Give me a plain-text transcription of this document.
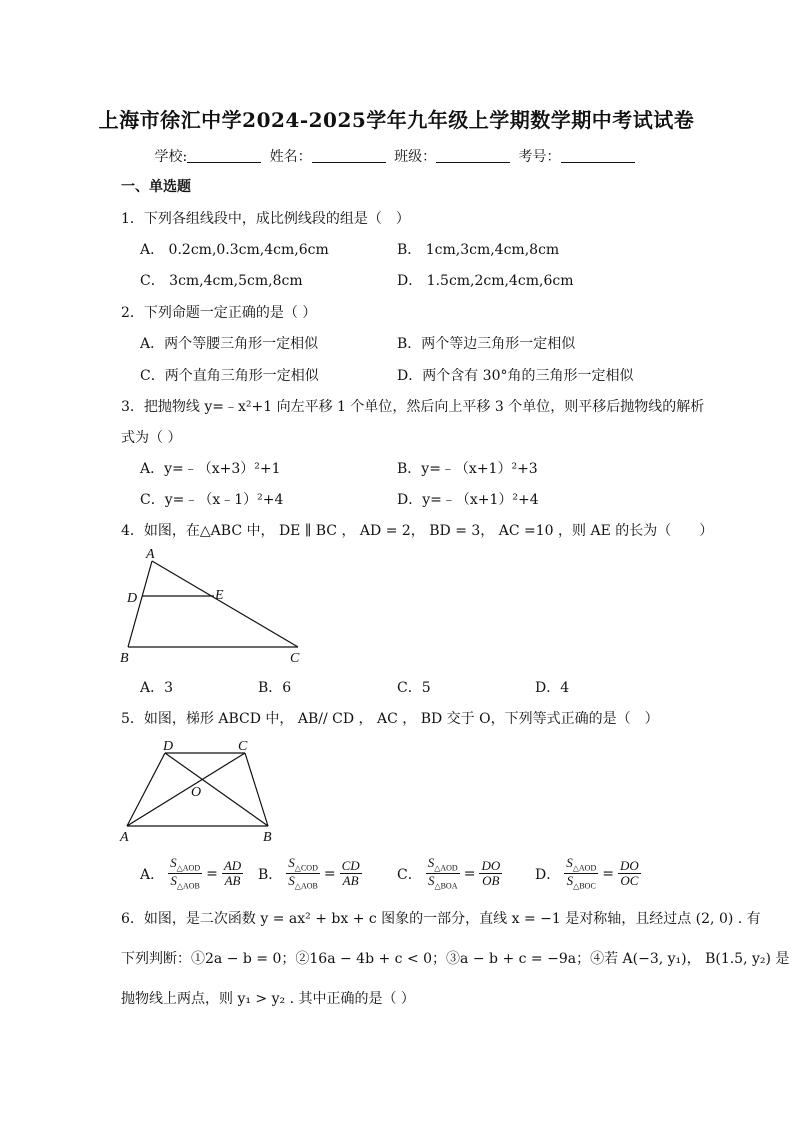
上海市徐汇中学2024-2025学年九年级上学期数学期中考试试卷
学校:	姓名：	班级：	考号：
一、单选题
1．下列各组线段中，成比例线段的组是（　）
A． 0.2cm,0.3cm,4cm,6cm	B． 1cm,3cm,4cm,8cm
C． 3cm,4cm,5cm,8cm	D． 1.5cm,2cm,4cm,6cm
2．下列命题一定正确的是（ ）
A．两个等腰三角形一定相似	B．两个等边三角形一定相似
C．两个直角三角形一定相似	D．两个含有 30°角的三角形一定相似
3．把抛物线 y=﹣x²+1 向左平移 1 个单位，然后向上平移 3 个单位，则平移后抛物线的解析
式为（ ）
A．y=﹣（x+3）²+1	B．y=﹣（x+1）²+3
C．y=﹣（x﹣1）²+4	D．y=﹣（x+1）²+4
4．如图，在△ABC 中， DE ∥ BC ， AD = 2， BD = 3， AC =10 ，则 AE 的长为（　　）
A
D	E
B	C
A．3	B．6	C．5	D．4
5．如图，梯形 ABCD 中， AB// CD ， AC ， BD 交于 O，下列等式正确的是（　）
D	C
O
A	B
A． $\frac{S_{\triangle AOD}}{S_{\triangle AOB}} = \frac{AD}{AB}$ B． $\frac{S_{\triangle COD}}{S_{\triangle AOB}} = \frac{CD}{AB}$	C． $\frac{S_{\triangle AOD}}{S_{\triangle BOA}} = \frac{DO}{OB}$ D． $\frac{S_{\triangle AOD}}{S_{\triangle BOC}} = \frac{DO}{OC}$
6．如图，是二次函数 y = ax² + bx + c 图象的一部分，直线 x = −1 是对称轴，且经过点 (2, 0) . 有
下列判断：①2a − b = 0；②16a − 4b + c < 0；③a − b + c = −9a；④若 A(−3, y₁)， B(1.5, y₂) 是
抛物线上两点，则 y₁ > y₂ . 其中正确的是（ ）
